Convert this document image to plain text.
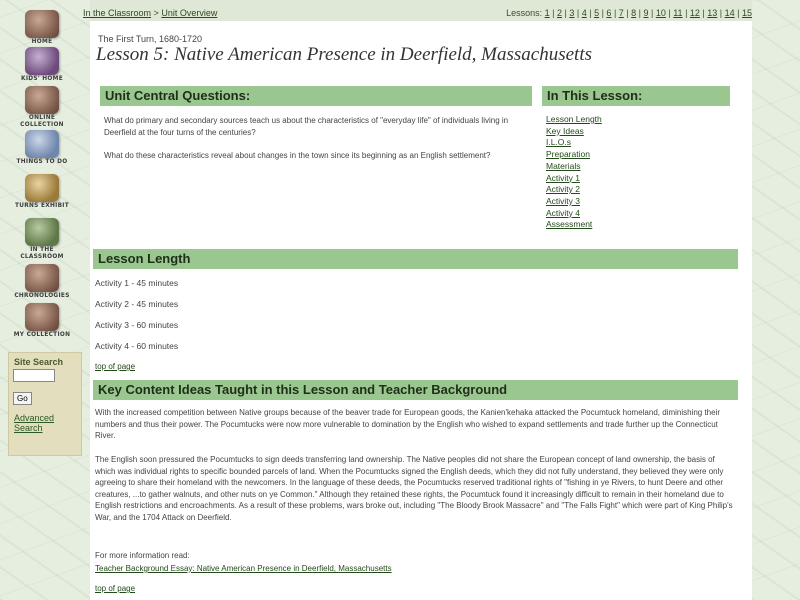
HOME
KIDS' HOME
ONLINE COLLECTION
THINGS TO DO
TURNS EXHIBIT
IN THE CLASSROOM
CHRONOLOGIES
MY COLLECTION
Site Search
Go
Advanced Search
In the Classroom > Unit Overview	Lessons: 1 | 2 | 3 | 4 | 5 | 6 | 7 | 8 | 9 | 10 | 11 | 12 | 13 | 14 | 15
The First Turn, 1680-1720
Lesson 5: Native American Presence in Deerfield, Massachusetts
Unit Central Questions:

What do primary and secondary sources teach us about the characteristics of "everyday life" of individuals living in Deerfield at the four turns of the centuries?

What do these characteristics reveal about changes in the town since its beginning as an English settlement?

In This Lesson:
Lesson Length
Key Ideas
I.L.O.s
Preparation
Materials
Activity 1
Activity 2
Activity 3
Activity 4
Assessment
Lesson Length
Activity 1 - 45 minutes
Activity 2 - 45 minutes
Activity 3 - 60 minutes
Activity 4 - 60 minutes
top of page
Key Content Ideas Taught in this Lesson and Teacher Background

With the increased competition between Native groups because of the beaver trade for European goods, the Kanien'kehaka attacked the Pocumtuck homeland, diminishing their numbers and thus their power. The Pocumtucks were now more vulnerable to domination by the English who wished to expand settlements and trade further up the Connecticut River.

The English soon pressured the Pocumtucks to sign deeds transferring land ownership. The Native peoples did not share the European concept of land ownership, the basis of which was individual rights to specific bounded parcels of land. When the Pocumtucks signed the English deeds, which they did not fully understand, they believed they were only agreeing to share their homeland with the newcomers. In the language of these deeds, the Pocumtucks reserved traditional rights of "fishing in ye Rivers, to hunt Deere and other creatures, ...to gather walnuts, and other nuts on ye Common." Although they retained these rights, the Pocumtuck found it increasingly difficult to remain in their homeland due to English restrictions and encroachments. As a result of these problems, wars broke out, including "The Bloody Brook Massacre" and "The Falls Fight" which were part of King Philip's War, and the 1704 Attack on Deerfield.

For more information read:

Teacher Background Essay: Native American Presence in Deerfield, Massachusetts
top of page
